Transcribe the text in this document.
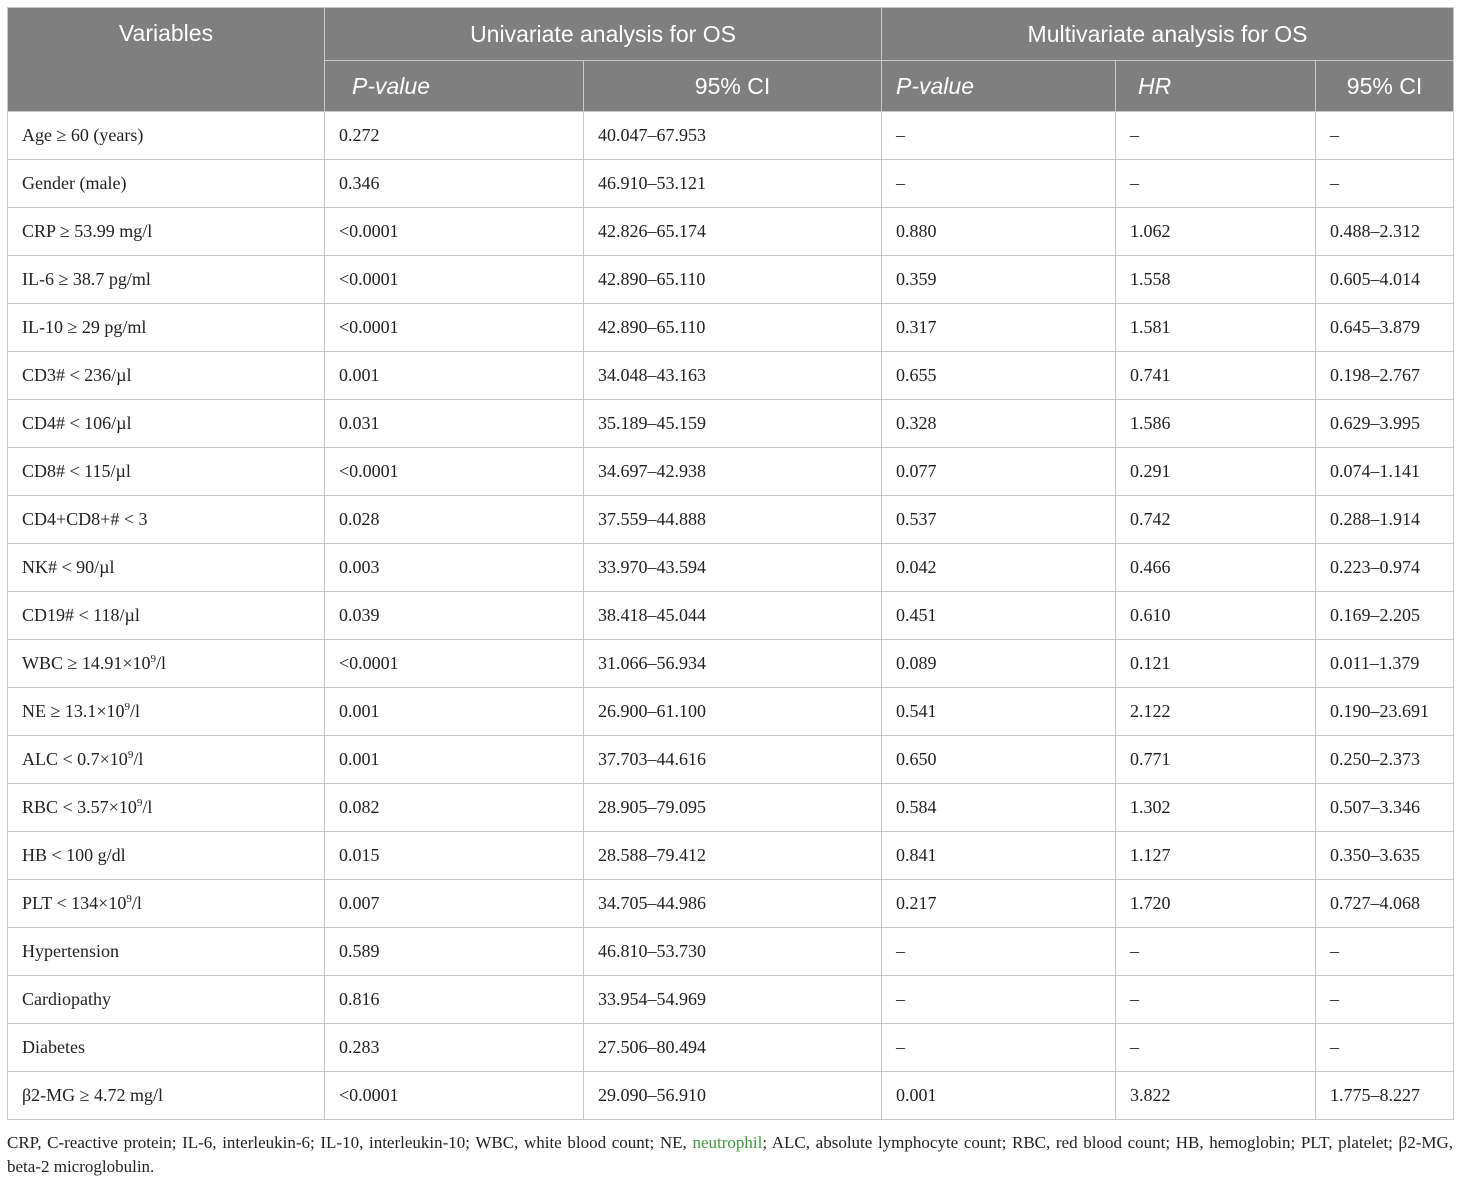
Variables	Univariate analysis for OS		Multivariate analysis for OS		
	P-value	95% CI	P-value	HR	95% CI
Age ≥ 60 (years)	0.272	40.047–67.953	–	–	–
Gender (male)	0.346	46.910–53.121	–	–	–
CRP ≥ 53.99 mg/l	<0.0001	42.826–65.174	0.880	1.062	0.488–2.312
IL-6 ≥ 38.7 pg/ml	<0.0001	42.890–65.110	0.359	1.558	0.605–4.014
IL-10 ≥ 29 pg/ml	<0.0001	42.890–65.110	0.317	1.581	0.645–3.879
CD3# < 236/µl	0.001	34.048–43.163	0.655	0.741	0.198–2.767
CD4# < 106/µl	0.031	35.189–45.159	0.328	1.586	0.629–3.995
CD8# < 115/µl	<0.0001	34.697–42.938	0.077	0.291	0.074–1.141
CD4+CD8+# < 3	0.028	37.559–44.888	0.537	0.742	0.288–1.914
NK# < 90/µl	0.003	33.970–43.594	0.042	0.466	0.223–0.974
CD19# < 118/µl	0.039	38.418–45.044	0.451	0.610	0.169–2.205
WBC ≥ $14.91\times 10^9/l$	<0.0001	31.066–56.934	0.089	0.121	0.011–1.379
NE ≥ $13.1\times 10^9/l$	0.001	26.900–61.100	0.541	2.122	0.190–23.691
ALC < $0.7\times 10^9/l$	0.001	37.703–44.616	0.650	0.771	0.250–2.373
RBC < $3.57\times 10^9/l$	0.082	28.905–79.095	0.584	1.302	0.507–3.346
HB < 100 g/dl	0.015	28.588–79.412	0.841	1.127	0.350–3.635
PLT < $134\times 10^9/l$	0.007	34.705–44.986	0.217	1.720	0.727–4.068
Hypertension	0.589	46.810–53.730	–	–	–
Cardiopathy	0.816	33.954–54.969	–	–	–
Diabetes	0.283	27.506–80.494	–	–	–
β2-MG ≥ 4.72 mg/l	<0.0001	29.090–56.910	0.001	3.822	1.775–8.227
CRP, C-reactive protein; IL-6, interleukin-6; IL-10, interleukin-10; WBC, white blood count; NE, neutrophil; ALC, absolute lymphocyte count; RBC, red blood count; HB, hemoglobin; PLT, platelet; β2-MG, beta-2 microglobulin.
